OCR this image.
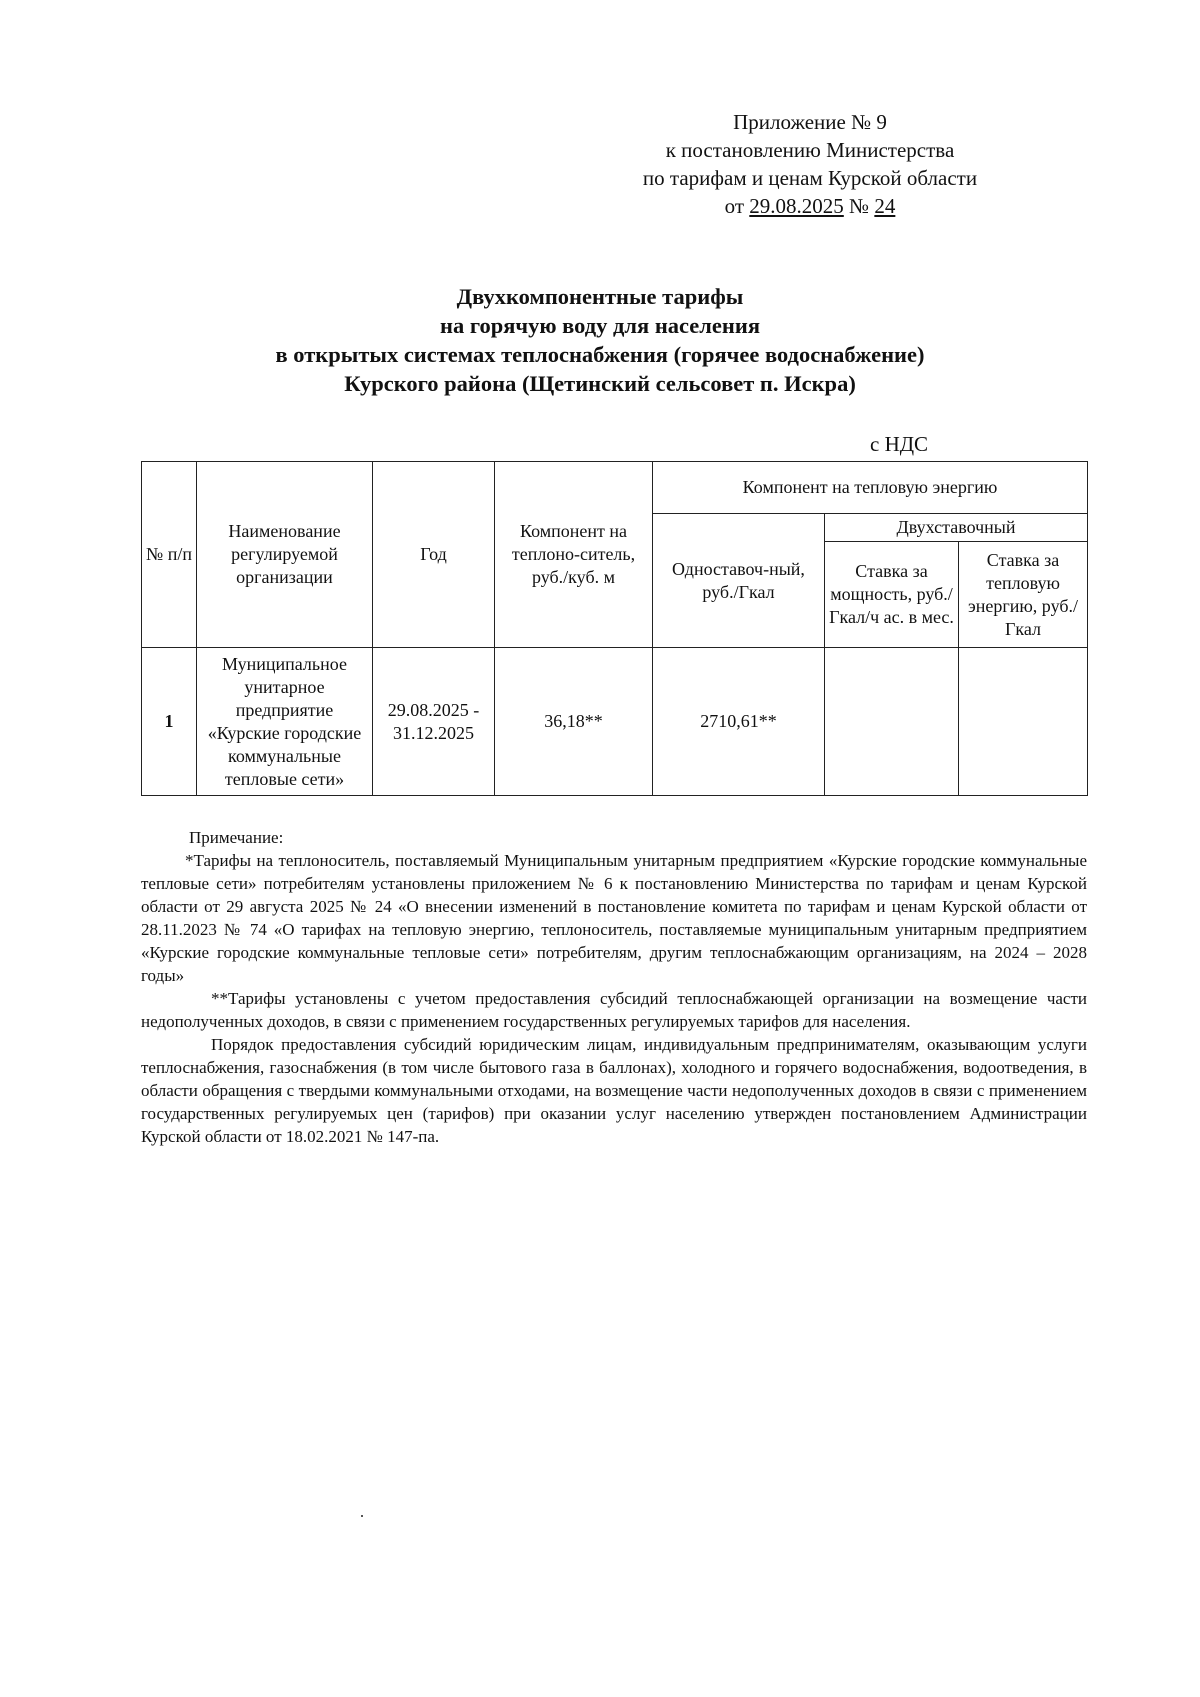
Приложение № 9
к постановлению Министерства
по тарифам и ценам Курской области
от 29.08.2025 № 24
Двухкомпонентные тарифы
на горячую воду для населения
в открытых системах теплоснабжения (горячее водоснабжение)
Курского района (Щетинский сельсовет п. Искра)
с НДС
№ п/п	Наименование регулируемой организации	Год	Компонент на теплоно-ситель, руб./куб. м	Компонент на тепловую энергию		
				Одноставоч-ный, руб./Гкал	Двухставочный	
					Ставка за мощность, руб./Гкал/ч ас. в мес.	Ставка за тепловую энергию, руб./Гкал
1	Муниципальное унитарное предприятие «Курские городские коммунальные тепловые сети»	29.08.2025 - 31.12.2025	36,18**	2710,61**		

Примечание:

*Тарифы на теплоноситель, поставляемый Муниципальным унитарным предприятием «Курские городские коммунальные тепловые сети» потребителям установлены приложением № 6 к постановлению Министерства по тарифам и ценам Курской области от 29 августа 2025 № 24 «О внесении изменений в постановление комитета по тарифам и ценам Курской области от 28.11.2023 № 74 «О тарифах на тепловую энергию, теплоноситель, поставляемые муниципальным унитарным предприятием «Курские городские коммунальные тепловые сети» потребителям, другим теплоснабжающим организациям, на 2024 – 2028 годы»

**Тарифы установлены с учетом предоставления субсидий теплоснабжающей организации на возмещение части недополученных доходов, в связи с применением государственных регулируемых тарифов для населения.

Порядок предоставления субсидий юридическим лицам, индивидуальным предпринимателям, оказывающим услуги теплоснабжения, газоснабжения (в том числе бытового газа в баллонах), холодного и горячего водоснабжения, водоотведения, в области обращения с твердыми коммунальными отходами, на возмещение части недополученных доходов в связи с применением государственных регулируемых цен (тарифов) при оказании услуг населению утвержден постановлением Администрации Курской области от 18.02.2021 № 147-па.
